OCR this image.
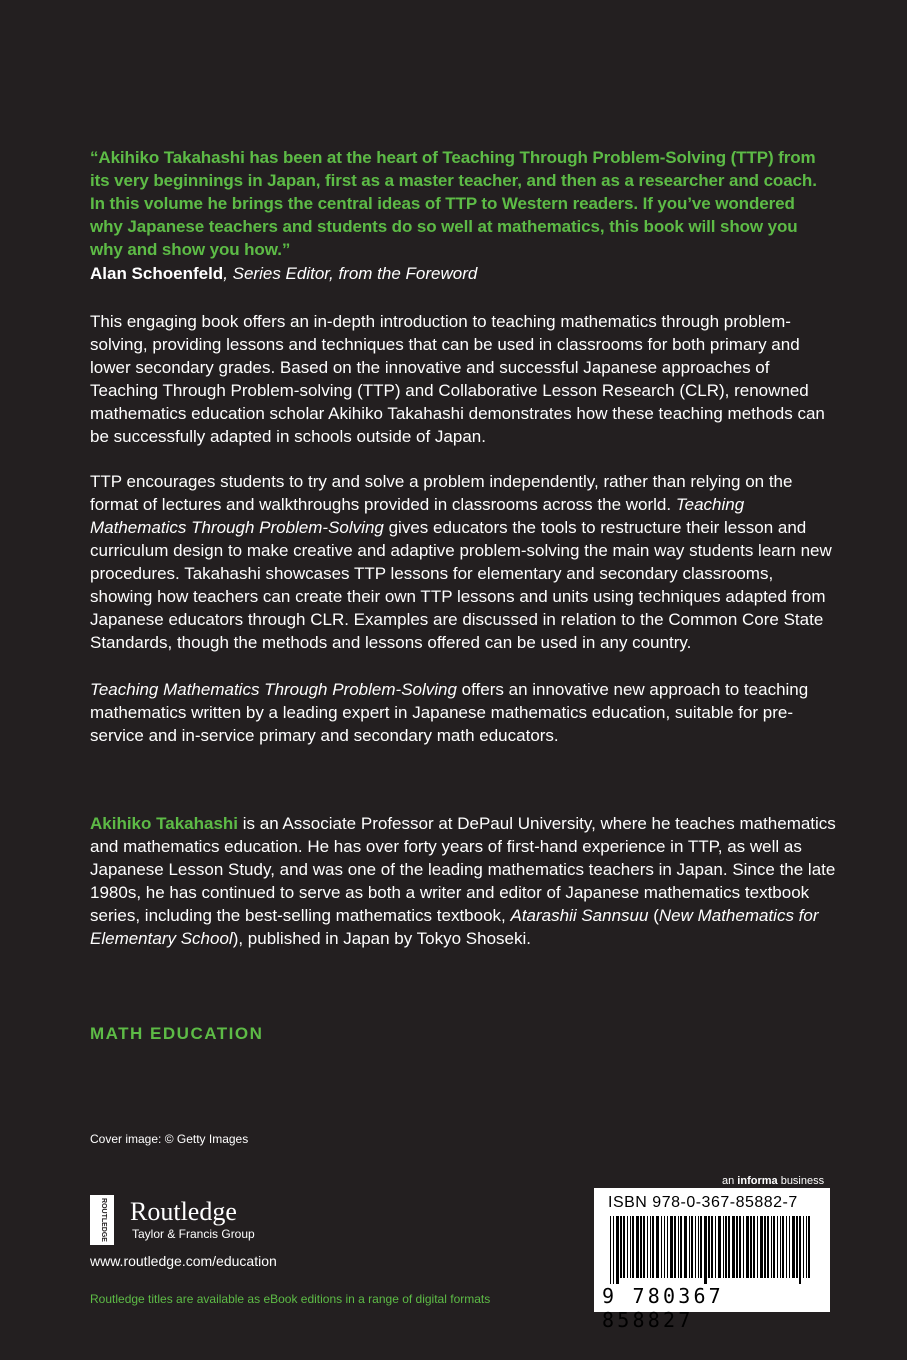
“Akihiko Takahashi has been at the heart of Teaching Through Problem-Solving (TTP) from its very beginnings in Japan, first as a master teacher, and then as a researcher and coach. In this volume he brings the central ideas of TTP to Western readers. If you’ve wondered why Japanese teachers and students do so well at mathematics, this book will show you why and show you how.”
Alan Schoenfeld, Series Editor, from the Foreword
This engaging book offers an in-depth introduction to teaching mathematics through problem-solving, providing lessons and techniques that can be used in classrooms for both primary and lower secondary grades. Based on the innovative and successful Japanese approaches of Teaching Through Problem-solving (TTP) and Collaborative Lesson Research (CLR), renowned mathematics education scholar Akihiko Takahashi demonstrates how these teaching methods can be successfully adapted in schools outside of Japan.
TTP encourages students to try and solve a problem independently, rather than relying on the format of lectures and walkthroughs provided in classrooms across the world. Teaching Mathematics Through Problem-Solving gives educators the tools to restructure their lesson and curriculum design to make creative and adaptive problem-solving the main way students learn new procedures. Takahashi showcases TTP lessons for elementary and secondary classrooms, showing how teachers can create their own TTP lessons and units using techniques adapted from Japanese educators through CLR. Examples are discussed in relation to the Common Core State Standards, though the methods and lessons offered can be used in any country.
Teaching Mathematics Through Problem-Solving offers an innovative new approach to teaching mathematics written by a leading expert in Japanese mathematics education, suitable for pre-service and in-service primary and secondary math educators.
Akihiko Takahashi is an Associate Professor at DePaul University, where he teaches mathematics and mathematics education. He has over forty years of first-hand experience in TTP, as well as Japanese Lesson Study, and was one of the leading mathematics teachers in Japan. Since the late 1980s, he has continued to serve as both a writer and editor of Japanese mathematics textbook series, including the best-selling mathematics textbook, Atarashii Sannsuu (New Mathematics for Elementary School), published in Japan by Tokyo Shoseki.
MATH EDUCATION
Cover image: © Getty Images
ROUTLEDGE Routledge
Taylor & Francis Group
www.routledge.com/education
Routledge titles are available as eBook editions in a range of digital formats
an informa business
ISBN 978-0-367-85882-7
9 780367 858827
